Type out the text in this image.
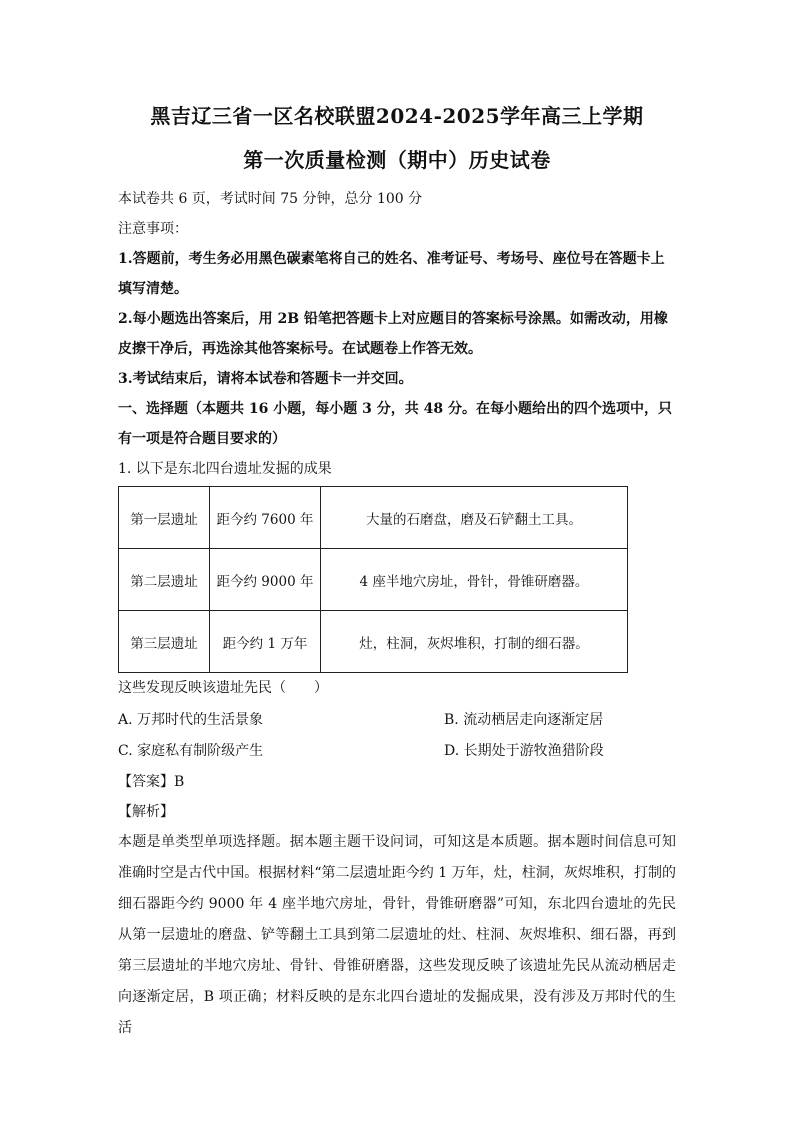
黑吉辽三省一区名校联盟2024-2025学年高三上学期
第一次质量检测（期中）历史试卷

本试卷共 6 页，考试时间 75 分钟，总分 100 分

注意事项：

1.答题前，考生务必用黑色碳素笔将自己的姓名、准考证号、考场号、座位号在答题卡上填写清楚。

2.每小题选出答案后，用 2B 铅笔把答题卡上对应题目的答案标号涂黑。如需改动，用橡皮擦干净后，再选涂其他答案标号。在试题卷上作答无效。

3.考试结束后，请将本试卷和答题卡一并交回。

一、选择题（本题共 16 小题，每小题 3 分，共 48 分。在每小题给出的四个选项中，只有一项是符合题目要求的）

1. 以下是东北四台遗址发掘的成果

第一层遗址	距今约 7600 年	大量的石磨盘，磨及石铲翻土工具。
第二层遗址	距今约 9000 年	4 座半地穴房址，骨针，骨锥研磨器。
第三层遗址	距今约 1 万年	灶，柱洞，灰烬堆积，打制的细石器。

这些发现反映该遗址先民（　　）

A. 万邦时代的生活景象	B. 流动栖居走向逐渐定居
C. 家庭私有制阶级产生	D. 长期处于游牧渔猎阶段

【答案】B

【解析】

本题是单类型单项选择题。据本题主题干设问词，可知这是本质题。据本题时间信息可知准确时空是古代中国。根据材料“第二层遗址距今约 1 万年，灶，柱洞，灰烬堆积，打制的细石器距今约 9000 年 4 座半地穴房址，骨针，骨锥研磨器”可知，东北四台遗址的先民从第一层遗址的磨盘、铲等翻土工具到第二层遗址的灶、柱洞、灰烬堆积、细石器，再到第三层遗址的半地穴房址、骨针、骨锥研磨器，这些发现反映了该遗址先民从流动栖居走向逐渐定居，B 项正确；材料反映的是东北四台遗址的发掘成果，没有涉及万邦时代的生活
